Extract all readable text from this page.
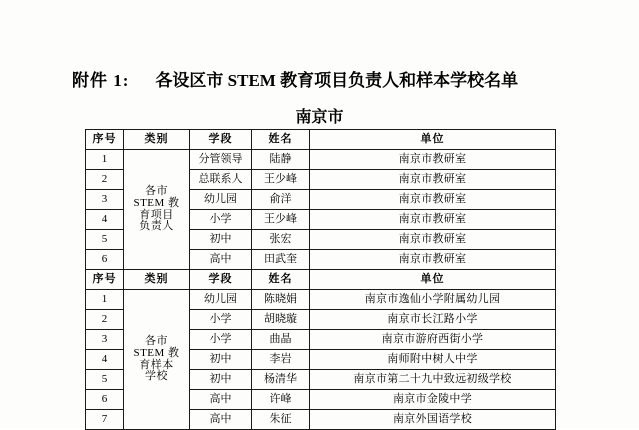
附件 1: 各设区市 STEM 教育项目负责人和样本学校名单
南京市
序号	类别	学段	姓名	单位
1	各市
STEM 教
育项目
负责人	分管领导	陆静	南京市教研室
2		总联系人	王少峰	南京市教研室
3		幼儿园	俞洋	南京市教研室
4		小学	王少峰	南京市教研室
5		初中	张宏	南京市教研室
6		高中	田武奎	南京市教研室
序号	类别	学段	姓名	单位
1	各市
STEM 教
育样本
学校	幼儿园	陈晓娟	南京市逸仙小学附属幼儿园
2		小学	胡晓璇	南京市长江路小学
3		小学	曲晶	南京市游府西街小学
4		初中	李岩	南师附中树人中学
5		初中	杨清华	南京市第二十九中致远初级学校
6		高中	许峰	南京市金陵中学
7		高中	朱征	南京外国语学校
